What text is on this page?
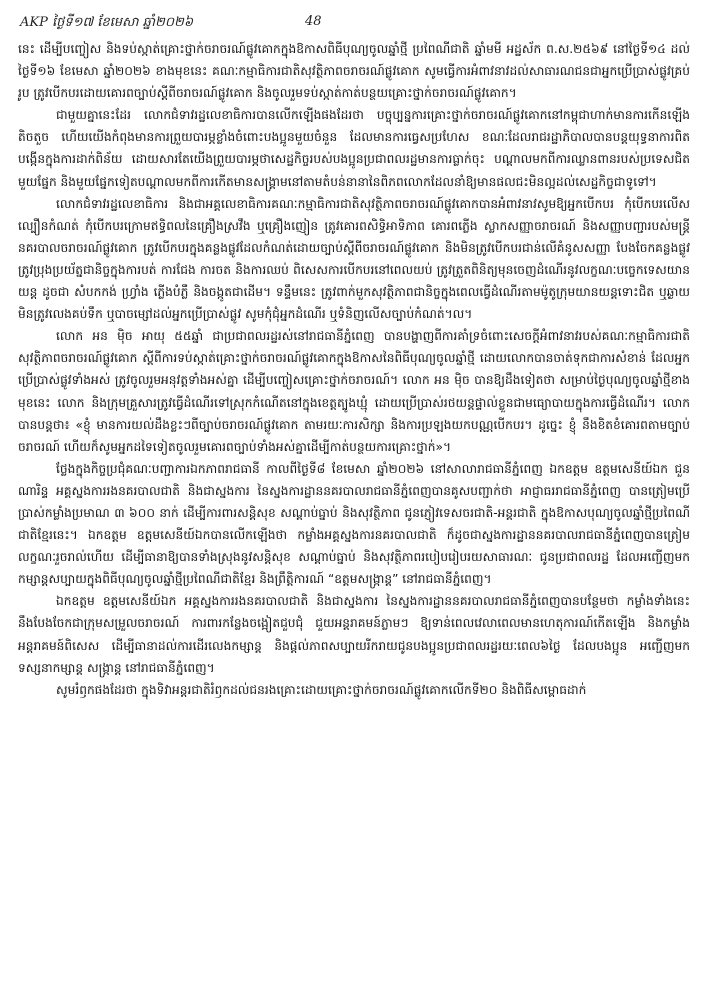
AKP ថ្ងៃទី១៧ ខែមេសា ឆ្នាំ២០២៦	48

នេះ ដើម្បីបញ្ចៀស និងទប់ស្កាត់គ្រោះថ្នាក់ចរាចរណ៍ផ្លូវគោកក្នុងឱកាសពិធីបុណ្យចូលឆ្នាំថ្មី ប្រពៃណីជាតិ ឆ្នាំមមី អដ្ឋស័ក ព.ស.២៥៦៩ នៅថ្ងៃទី១៤ ដល់ថ្ងៃទី១៦ ខែមេសា ឆ្នាំ២០២៦ ខាងមុខនេះ គណៈកម្មាធិការជាតិសុវត្ថិភាពចរាចរណ៍ផ្លូវគោក សូមធ្វើការអំពាវនាវដល់សាធារណជនជាអ្នកប្រើប្រាស់ផ្លូវគ្រប់រូប ត្រូវបើកបរដោយគោរពច្បាប់ស្តីពីចរាចរណ៍ផ្លូវគោក និងចូលរួមទប់ស្កាត់កាត់បន្ថយគ្រោះថ្នាក់ចរាចរណ៍ផ្លូវគោក។

ជាមួយគ្នានេះដែរ លោកជំទាវរដ្ឋលេខាធិការបានលើកឡើងផងដែរថា បច្ចុប្បន្នការគ្រោះថ្នាក់ចរាចរណ៍ផ្លូវគោកនៅកម្ពុជាហាក់មានការកើនឡើងតិចតួច ហើយយើងកំពុងមានការព្រួយបារម្ភខ្លាំងចំពោះបងប្អូនមួយចំនួន ដែលមានការធ្វេសប្រហែស ខណៈដែលរាជរដ្ឋាភិបាលបានបន្តយុទ្ធនាការពិតបង្កើនក្នុងការដាក់ពិន័យ ដោយសារតែយើងព្រួយបារម្ភថាសេដ្ឋកិច្ចរបស់បងប្អូនប្រជាពលរដ្ឋមានការធ្លាក់ចុះ បណ្តាលមកពីការឈ្លានពានរបស់ប្រទេសជិត មួយផ្នែក និងមួយផ្នែកទៀតបណ្តាលមកពីការកើតមានសង្គ្រាមនៅតាមតំបន់នានានៃពិភពលោកដែលនាំឱ្យមានផលជះមិនល្អដល់សេដ្ឋកិច្ចជាទូទៅ។

លោកជំទាវរដ្ឋលេខាធិការ និងជាអគ្គលេខាធិការគណៈកម្មាធិការជាតិសុវត្ថិភាពចរាចរណ៍ផ្លូវគោកបានអំពាវនាវសូមឱ្យអ្នកបើកបរ កុំបើកបរលើសល្បឿនកំណត់ កុំបើកបរក្រោមឥទ្ធិពលនៃគ្រឿងស្រវឹង ឬគ្រឿងញៀន ត្រូវគោរពសិទ្ធិអាទិភាព គោរពភ្លើង ស្លាកសញ្ញាចរាចរណ៍ និងសញ្ញាបញ្ជារបស់មន្ត្រីនគរបាលចរាចរណ៍ផ្លូវគោក ត្រូវបើកបរក្នុងគន្លងផ្លូវដែលកំណត់ដោយច្បាប់ស្តីពីចរាចរណ៍ផ្លូវគោក និងមិនត្រូវបើកបរជាន់លើគំនូសសញ្ញា បែងចែកគន្លងផ្លូវ ត្រូវប្រុងប្រយ័ត្នជានិច្ចក្នុងការបត់ ការជែង ការចត និងការឈប់ ពិសេសការបើកបរនៅពេលយប់ ត្រូវត្រួតពិនិត្យមុនចេញដំណើរនូវលក្ខណៈបច្ចេកទេសយានយន្ត ដូចជា សំបកកង់ ហ្វ្រាំង ភ្លើងបំភ្លឺ និងចង្កូតជាដើម។ ទន្ទឹមនេះ ត្រូវពាក់មួកសុវត្ថិភាពជានិច្ចក្នុងពេលធ្វើដំណើរតាមម៉ូតូក្រុមយានយន្តទោះជិត ឬឆ្ងាយ មិនត្រូវលេងគប់ទឹក ឬបាចម្សៅដល់អ្នកប្រើប្រាស់ផ្លូវ សូមកុំជុំអ្នកដំណើរ ឬទំនិញលើសច្បាប់កំណត់។ល។

លោក អន ម៉ិច អាយុ ៥៥ឆ្នាំ ជាប្រជាពលរដ្ឋរស់នៅរាជធានីភ្នំពេញ បានបង្ហាញពីការគាំទ្រចំពោះសេចក្តីអំពាវនាវរបស់គណៈកម្មាធិការជាតិសុវត្ថិភាពចរាចរណ៍ផ្លូវគោក ស្តីពីការទប់ស្កាត់គ្រោះថ្នាក់ចរាចរណ៍ផ្លូវគោកក្នុងឱកាសនៃពិធីបុណ្យចូលឆ្នាំថ្មី ដោយលោកបានចាត់ទុកជាការសំខាន់ ដែលអ្នកប្រើប្រាស់ផ្លូវទាំងអស់ ត្រូវចូលរួមអនុវត្តទាំងអស់គ្នា ដើម្បីបញ្ចៀសគ្រោះថ្នាក់ចរាចរណ៍។ លោក អន ម៉ិច បានឱ្យដឹងទៀតថា សម្រាប់ថ្ងៃបុណ្យចូលឆ្នាំថ្មីខាងមុខនេះ លោក និងក្រុមគ្រួសារត្រូវធ្វើដំណើរទៅស្រុកកំណើតនៅក្នុងខេត្តត្បូងឃ្មុំ ដោយប្រើប្រាស់រថយន្តផ្ទាល់ខ្លួនជាមធ្យោបាយក្នុងការធ្វើដំណើរ។ លោកបានបន្តថា៖ «ខ្ញុំ មានការយល់ដឹងខ្លះៗពីច្បាប់ចរាចរណ៍ផ្លូវគោក តាមរយៈការសិក្សា និងការប្រឡងយកបណ្ណបើកបរ។ ដូច្នេះ ខ្ញុំ នឹងខិតខំគោរពតាមច្បាប់ចរាចរណ៍ ហើយក៏សូមអ្នកដទៃទៀតចូលរួមគោរពច្បាប់ទាំងអស់គ្នាដើម្បីកាត់បន្ថយការគ្រោះថ្នាក់»។

ថ្លែងក្នុងកិច្ចប្រជុំគណៈបញ្ជាការឯកភាពរាជធានី កាលពីថ្ងៃទី៨ ខែមេសា ឆ្នាំ២០២៦ នៅសាលារាជធានីភ្នំពេញ ឯកឧត្តម ឧត្តមសេនីយ៍ឯក ជួន ណារិន្ទ អគ្គស្នងការរងនគរបាលជាតិ និងជាស្នងការ នៃស្នងការដ្ឋាននគរបាលរាជធានីភ្នំពេញបានគូសបញ្ជាក់ថា អាជ្ញាធររាជធានីភ្នំពេញ បានត្រៀមប្រើប្រាស់កម្លាំងប្រមាណ ៣ ៦០០ នាក់ ដើម្បីការពារសន្តិសុខ សណ្តាប់ធ្នាប់ និងសុវត្ថិភាព ជូនភ្ញៀវទេសចរជាតិ-អន្តរជាតិ ក្នុងឱកាសបុណ្យចូលឆ្នាំថ្មីប្រពៃណីជាតិខ្មែរនេះ។ ឯកឧត្តម ឧត្តមសេនីយ៍ឯកបានលើកឡើងថា កម្លាំងអគ្គស្នងការនគរបាលជាតិ ក៏ដូចជាស្នងការដ្ឋាននគរបាលរាជធានីភ្នំពេញបានត្រៀមលក្ខណៈរួចរាល់ហើយ ដើម្បីធានាឱ្យបានទាំងស្រុងនូវសន្តិសុខ សណ្តាប់ធ្នាប់ និងសុវត្ថិភាពរបៀបរៀបរយសាធារណៈ ជូនប្រជាពលរដ្ឋ ដែលអញ្ជើញមកកម្សាន្តសប្បាយក្នុងពិធីបុណ្យចូលឆ្នាំថ្មីប្រពៃណីជាតិខ្មែរ និងព្រឹត្តិការណ៍ “ឧត្តមសង្ក្រាន្ត” នៅរាជធានីភ្នំពេញ។

ឯកឧត្តម ឧត្តមសេនីយ៍ឯក អគ្គស្នងការរងនគរបាលជាតិ និងជាស្នងការ នៃស្នងការដ្ឋាននគរបាលរាជធានីភ្នំពេញបានបន្ថែមថា កម្លាំងទាំងនេះ នឹងបែងចែកជាក្រុមសម្រួលចរាចរណ៍ ការពារកន្លែងចង្អៀតជួបជុំ ជួយអន្តរាគមន៍ភ្លាមៗ ឱ្យទាន់ពេលវេលាពេលមានហេតុការណ៍កើតឡើង និងកម្លាំងអន្តរាគមន៍ពិសេស ដើម្បីធានាដល់ការដើរលេងកម្សាន្ត និងផ្តល់ភាពសប្បាយរីករាយជូនបងប្អូនប្រជាពលរដ្ឋរយៈពេល៦ថ្ងៃ ដែលបងប្អូន អញ្ជើញមកទស្សនាកម្សាន្ត សង្ក្រាន្ត នៅរាជធានីភ្នំពេញ។

សូមរំឭកផងដែរថា ក្នុងទិវាអន្តរជាតិរំឭកដល់ជនរងគ្រោះដោយគ្រោះថ្នាក់ចរាចរណ៍ផ្លូវគោកលើកទី២០ និងពិធីសម្ពោធដាក់
